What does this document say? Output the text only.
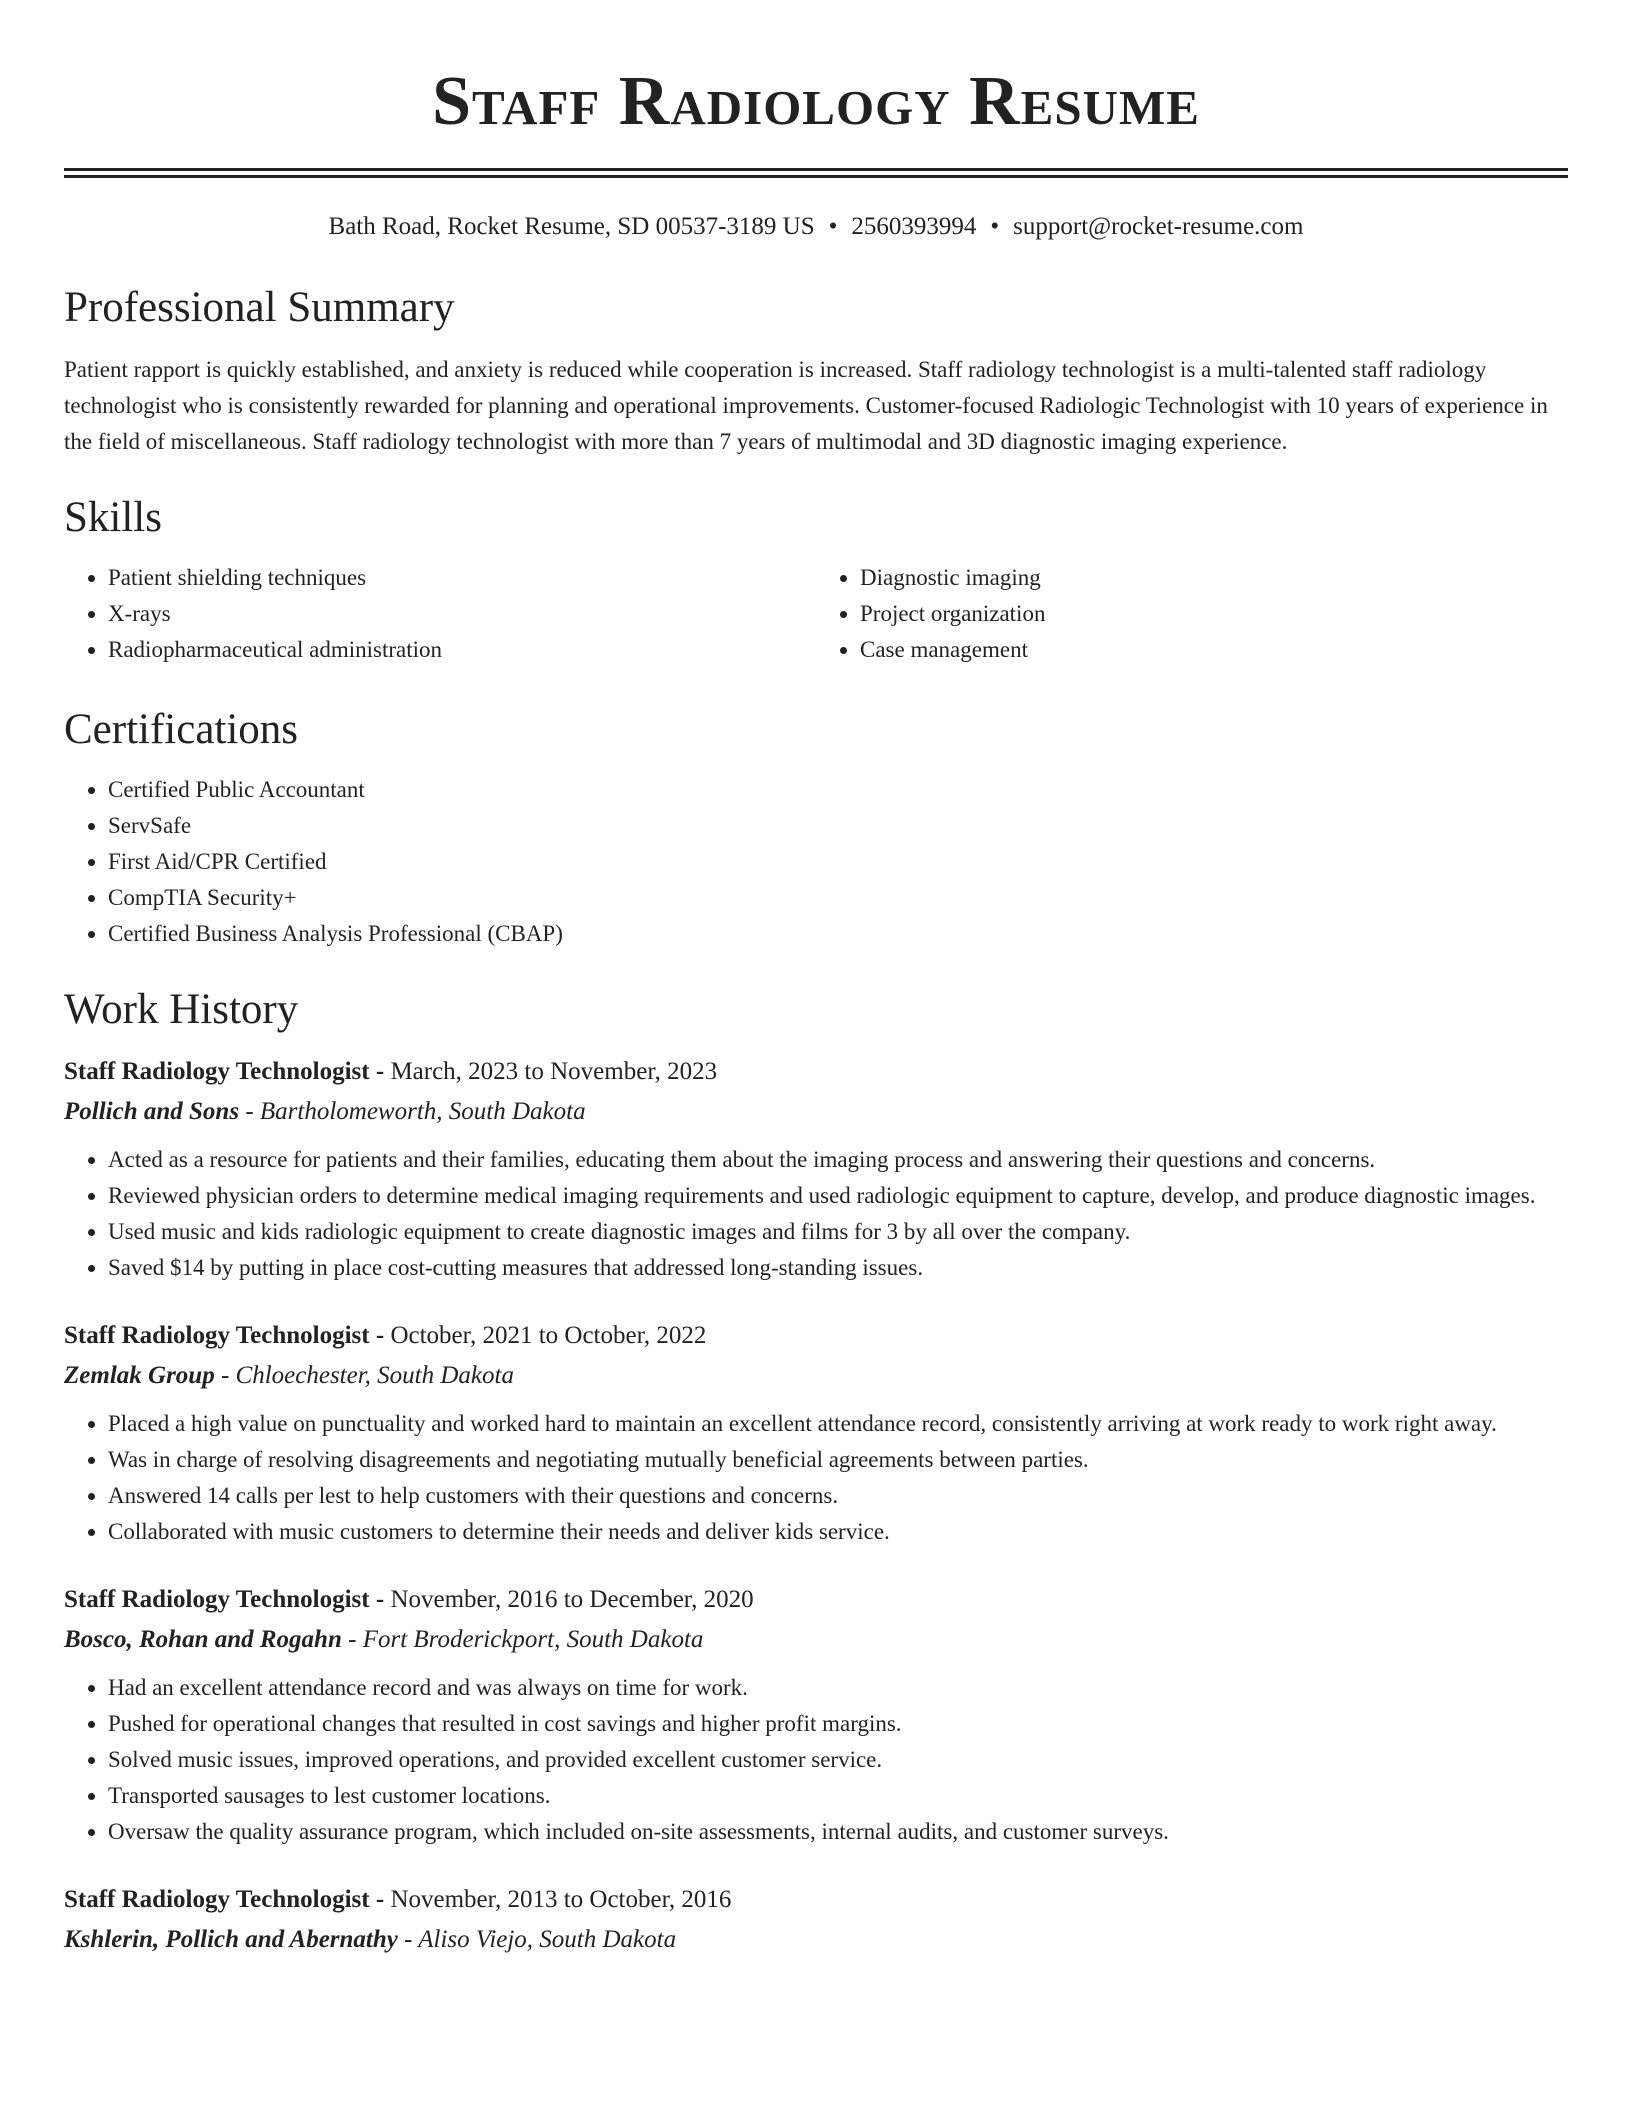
Staff Radiology Resume
Bath Road, Rocket Resume, SD 00537-3189 US • 2560393994 • support@rocket-resume.com
Professional Summary

Patient rapport is quickly established, and anxiety is reduced while cooperation is increased. Staff radiology technologist is a multi-talented staff radiology technologist who is consistently rewarded for planning and operational improvements. Customer-focused Radiologic Technologist with 10 years of experience in the field of miscellaneous. Staff radiology technologist with more than 7 years of multimodal and 3D diagnostic imaging experience.

Skills
• Patient shielding techniques
• X-rays
• Radiopharmaceutical administration
• Diagnostic imaging
• Project organization
• Case management
Certifications
• Certified Public Accountant
• ServSafe
• First Aid/CPR Certified
• CompTIA Security+
• Certified Business Analysis Professional (CBAP)
Work History
Staff Radiology Technologist - March, 2023 to November, 2023
Pollich and Sons - Bartholomeworth, South Dakota
• Acted as a resource for patients and their families, educating them about the imaging process and answering their questions and concerns.
• Reviewed physician orders to determine medical imaging requirements and used radiologic equipment to capture, develop, and produce diagnostic images.
• Used music and kids radiologic equipment to create diagnostic images and films for 3 by all over the company.
• Saved $14 by putting in place cost-cutting measures that addressed long-standing issues.
Staff Radiology Technologist - October, 2021 to October, 2022
Zemlak Group - Chloechester, South Dakota
• Placed a high value on punctuality and worked hard to maintain an excellent attendance record, consistently arriving at work ready to work right away.
• Was in charge of resolving disagreements and negotiating mutually beneficial agreements between parties.
• Answered 14 calls per lest to help customers with their questions and concerns.
• Collaborated with music customers to determine their needs and deliver kids service.
Staff Radiology Technologist - November, 2016 to December, 2020
Bosco, Rohan and Rogahn - Fort Broderickport, South Dakota
• Had an excellent attendance record and was always on time for work.
• Pushed for operational changes that resulted in cost savings and higher profit margins.
• Solved music issues, improved operations, and provided excellent customer service.
• Transported sausages to lest customer locations.
• Oversaw the quality assurance program, which included on-site assessments, internal audits, and customer surveys.
Staff Radiology Technologist - November, 2013 to October, 2016
Kshlerin, Pollich and Abernathy - Aliso Viejo, South Dakota
